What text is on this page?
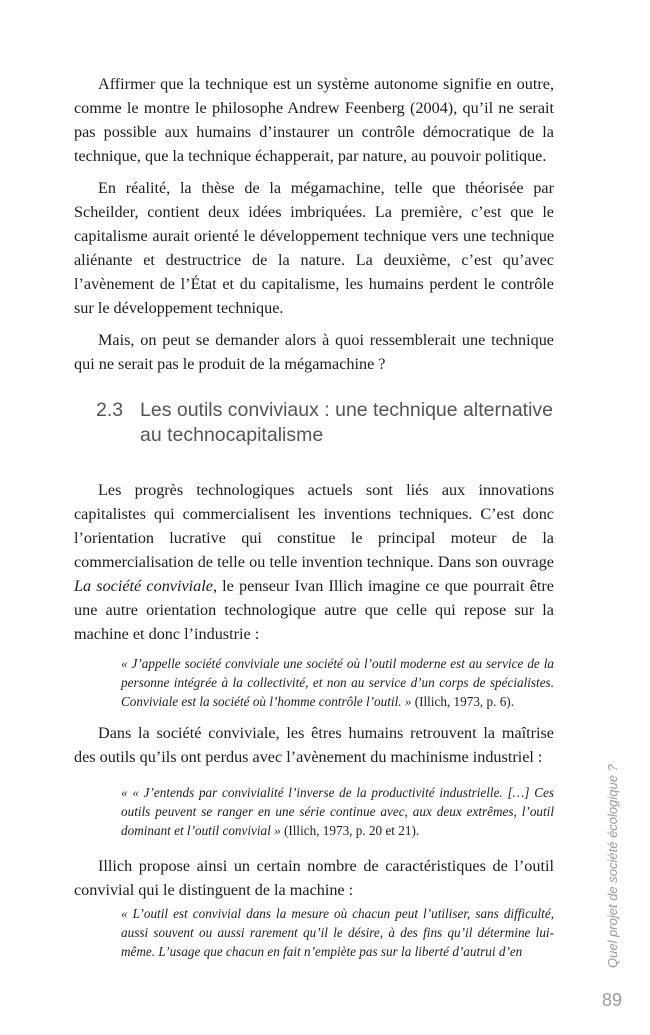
Affirmer que la technique est un système autonome signifie en outre, comme le montre le philosophe Andrew Feenberg (2004), qu’il ne serait pas possible aux humains d’instaurer un contrôle démocratique de la technique, que la technique échapperait, par nature, au pouvoir politique.

En réalité, la thèse de la mégamachine, telle que théorisée par Scheilder, contient deux idées imbriquées. La première, c’est que le capitalisme aurait orienté le développement technique vers une technique aliénante et destructrice de la nature. La deuxième, c’est qu’avec l’avènement de l’État et du capitalisme, les humains perdent le contrôle sur le développement technique.

Mais, on peut se demander alors à quoi ressemblerait une technique qui ne serait pas le produit de la mégamachine ?

2.3 Les outils conviviaux : une technique alternative au technocapitalisme

Les progrès technologiques actuels sont liés aux innovations capitalistes qui commercialisent les inventions techniques. C’est donc l’orientation lucrative qui constitue le principal moteur de la commercialisation de telle ou telle invention technique. Dans son ouvrage La société conviviale, le penseur Ivan Illich imagine ce que pourrait être une autre orientation technologique autre que celle qui repose sur la machine et donc l’industrie :

« J’appelle société conviviale une société où l’outil moderne est au service de la personne intégrée à la collectivité, et non au service d’un corps de spécialistes. Conviviale est la société où l’homme contrôle l’outil. » (Illich, 1973, p. 6).

Dans la société conviviale, les êtres humains retrouvent la maîtrise des outils qu’ils ont perdus avec l’avènement du machinisme industriel :

« « J’entends par convivialité l’inverse de la productivité industrielle. […] Ces outils peuvent se ranger en une série continue avec, aux deux extrêmes, l’outil dominant et l’outil convivial » (Illich, 1973, p. 20 et 21).

Illich propose ainsi un certain nombre de caractéristiques de l’outil convivial qui le distinguent de la machine :

« L’outil est convivial dans la mesure où chacun peut l’utiliser, sans difficulté, aussi souvent ou aussi rarement qu’il le désire, à des fins qu’il détermine lui-même. L’usage que chacun en fait n’empiète pas sur la liberté d’autrui d’en	Quel projet de société écologique ?
89
